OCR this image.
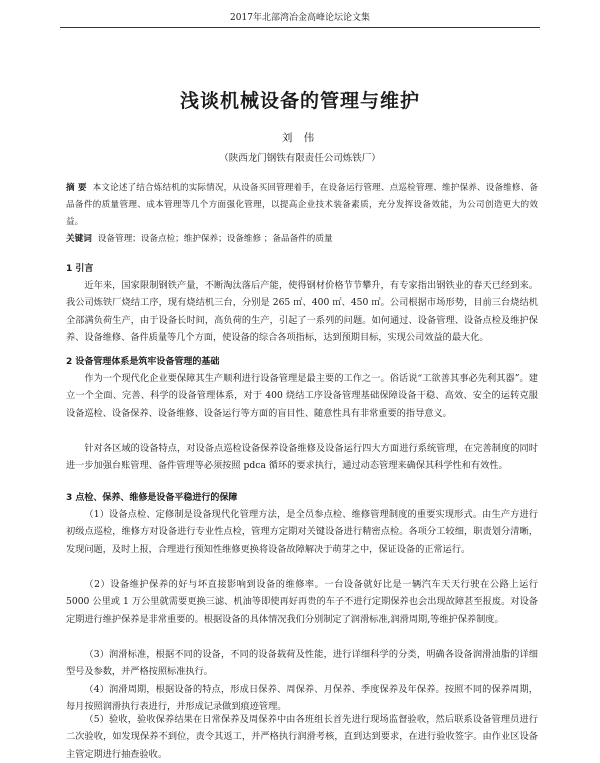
2017年北部湾冶金高峰论坛论文集
浅谈机械设备的管理与维护
刘 伟
（陕西龙门钢铁有限责任公司炼铁厂）

摘 要 本文论述了结合炼结机的实际情况，从设备买回管理着手，在设备运行管理、点巡检管理、维护保养、设备维修、备品备件的质量管理、成本管理等几个方面强化管理，以提高企业技术装备素质，充分发挥设备效能，为公司创造更大的效益。

关键词 设备管理；设备点检；维护保养；设备维修 ；备品备件的质量

1 引言

近年来，国家限制钢铁产量，不断淘汰落后产能，使得钢材价格节节攀升，有专家指出钢铁业的春天已经到来。我公司炼铁厂烧结工序，现有烧结机三台，分别是 265 ㎡、400 ㎡、450 ㎡。公司根据市场形势，目前三台烧结机全部满负荷生产，由于设备长时间，高负荷的生产，引起了一系列的问题。如何通过、设备管理、设备点检及维护保养、设备维修、备件质量等几个方面，使设备的综合各项指标，达到预期目标，实现公司效益的最大化。

2 设备管理体系是筑牢设备管理的基础

作为一个现代化企业要保障其生产顺利进行设备管理是最主要的工作之一。俗话说“工欲善其事必先利其器”。建立一个全面、完善、科学的设备管理体系，对于 400 烧结工序设备管理基础保障设备干稳、高效、安全的运转克服设备巡检、设备保养、设备维修、设备运行等方面的盲目性、随意性具有非常重要的指导意义。

针对各区域的设备特点，对设备点巡检设备保养设备维修及设备运行四大方面进行系统管理，在完善制度的同时进一步加强台账管理、备件管理等必须按照 pdca 循环的要求执行，通过动态管理来确保其科学性和有效性。

3 点检、保养、维修是设备平稳进行的保障

（1）设备点检、定修制是设备现代化管理方法，是全员参点检、维修管理制度的重要实现形式。由生产方进行初级点巡检，维修方对设备进行专业性点检，管理方定期对关键设备进行精密点检。各项分工较细，职责划分清晰，发现问题，及时上报，合理进行预知性维修更换将设备故障解决于萌芽之中，保证设备的正常运行。

（2）设备维护保养的好与坏直接影响到设备的维修率。一台设备就好比是一辆汽车天天行驶在公路上运行 5000 公里或 1 万公里就需要更换三滤、机油等即使再好再贵的车子不进行定期保养也会出现故障甚至报废。对设备定期进行维护保养是非常重要的。根据设备的具体情况我们分别制定了润滑标准,润滑周期,等维护保养制度。

（3）润滑标准，根据不同的设备，不同的设备载荷及性能，进行详细科学的分类，明确各设备润滑油脂的详细型号及参数，并严格按照标准执行。

（4）润滑周期，根据设备的特点，形成日保养、周保养、月保养、季度保养及年保养。按照不同的保养周期，每月按照润滑执行表进行，并形成记录做到痕迹管理。

（5）验收，验收保养结果在日常保养及周保养中由各班组长首先进行现场监督验收，然后联系设备管理员进行二次验收，如发现保养不到位，责令其返工，并严格执行润滑考核，直到达到要求，在进行验收签字。由作业区设备主管定期进行抽查验收。
